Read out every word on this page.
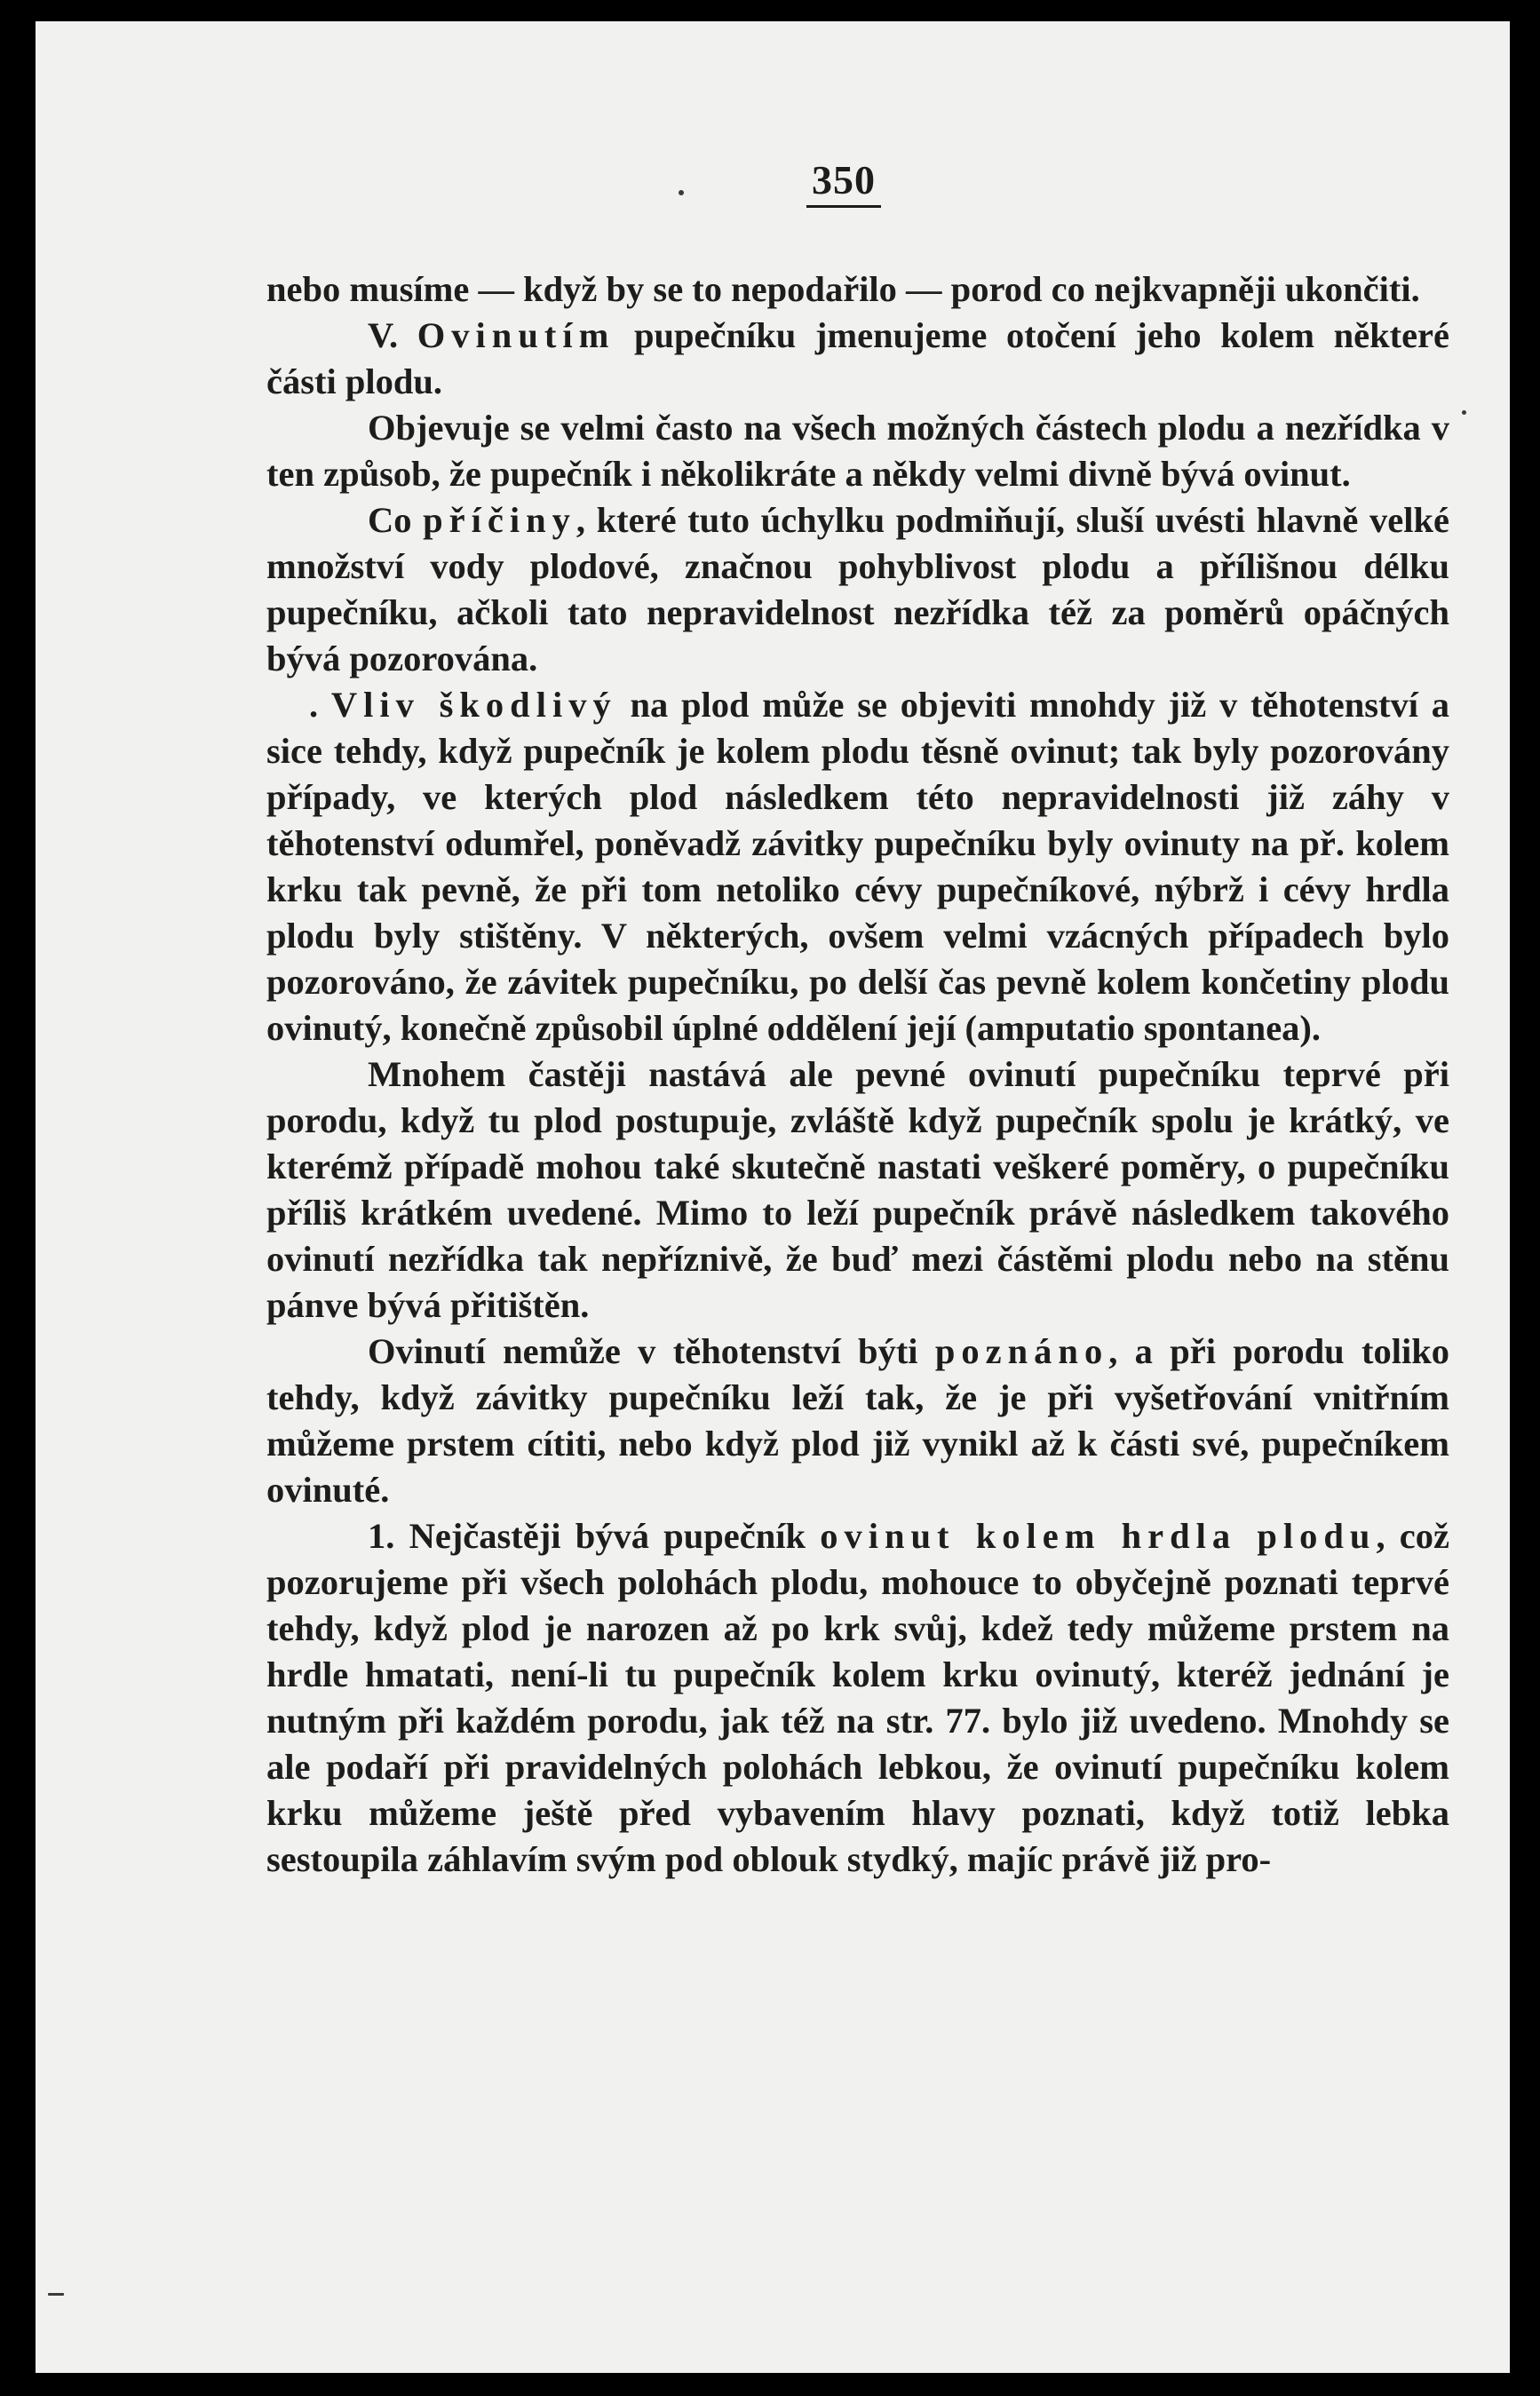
350

nebo musíme — když by se to nepodařilo — porod co nejkvapněji ukončiti.

V. Ovinutím pupečníku jmenujeme otočení jeho kolem některé části plodu.

Objevuje se velmi často na všech možných částech plodu a nezřídka v ten způsob, že pupečník i několikráte a někdy velmi divně bývá ovinut.

Co příčiny, které tuto úchylku podmiňují, sluší uvésti hlavně velké množství vody plodové, značnou pohyblivost plodu a přílišnou délku pupečníku, ačkoli tato nepravidelnost nezřídka též za poměrů opáčných bývá pozorována.

. Vliv škodlivý na plod může se objeviti mnohdy již v těhotenství a sice tehdy, když pupečník je kolem plodu těsně ovinut; tak byly pozorovány případy, ve kterých plod následkem této nepravidelnosti již záhy v těhotenství odumřel, poněvadž závitky pupečníku byly ovinuty na př. kolem krku tak pevně, že při tom netoliko cévy pupečníkové, nýbrž i cévy hrdla plodu byly stištěny. V některých, ovšem velmi vzácných případech bylo pozorováno, že závitek pupečníku, po delší čas pevně kolem končetiny plodu ovinutý, konečně způsobil úplné oddělení její (amputatio spontanea).

Mnohem častěji nastává ale pevné ovinutí pupečníku teprvé při porodu, když tu plod postupuje, zvláště když pupečník spolu je krátký, ve kterémž případě mohou také skutečně nastati veškeré poměry, o pupečníku příliš krátkém uvedené. Mimo to leží pupečník právě následkem takového ovinutí nezřídka tak nepříznivě, že buď mezi částěmi plodu nebo na stěnu pánve bývá přitištěn.

Ovinutí nemůže v těhotenství býti poznáno, a při porodu toliko tehdy, když závitky pupečníku leží tak, že je při vyšetřování vnitřním můžeme prstem cítiti, nebo když plod již vynikl až k části své, pupečníkem ovinuté.

1. Nejčastěji bývá pupečník ovinut kolem hrdla plodu, což pozorujeme při všech polohách plodu, mohouce to obyčejně poznati teprvé tehdy, když plod je narozen až po krk svůj, kdež tedy můžeme prstem na hrdle hmatati, není-li tu pupečník kolem krku ovinutý, kteréž jednání je nutným při každém porodu, jak též na str. 77. bylo již uvedeno. Mnohdy se ale podaří při pravidelných polohách lebkou, že ovinutí pupečníku kolem krku můžeme ještě před vybavením hlavy poznati, když totiž lebka sestoupila záhlavím svým pod oblouk stydký, majíc právě již pro-
